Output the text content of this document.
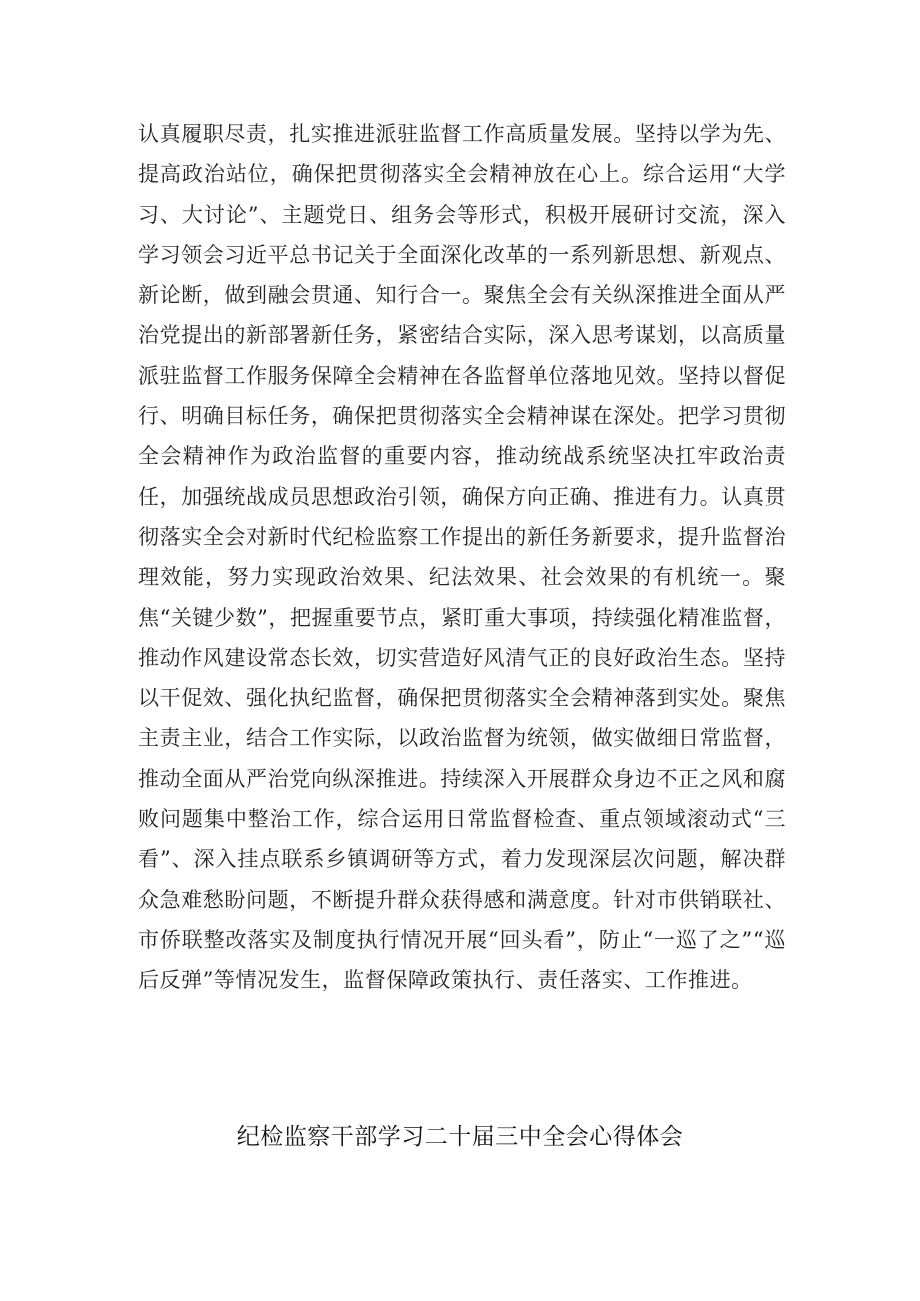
认真履职尽责，扎实推进派驻监督工作高质量发展。坚持以学为先、提高政治站位，确保把贯彻落实全会精神放在心上。综合运用“大学习、大讨论”、主题党日、组务会等形式，积极开展研讨交流，深入学习领会习近平总书记关于全面深化改革的一系列新思想、新观点、新论断，做到融会贯通、知行合一。聚焦全会有关纵深推进全面从严治党提出的新部署新任务，紧密结合实际，深入思考谋划，以高质量派驻监督工作服务保障全会精神在各监督单位落地见效。坚持以督促行、明确目标任务，确保把贯彻落实全会精神谋在深处。把学习贯彻全会精神作为政治监督的重要内容，推动统战系统坚决扛牢政治责任，加强统战成员思想政治引领，确保方向正确、推进有力。认真贯彻落实全会对新时代纪检监察工作提出的新任务新要求，提升监督治理效能，努力实现政治效果、纪法效果、社会效果的有机统一。聚焦“关键少数”，把握重要节点，紧盯重大事项，持续强化精准监督，推动作风建设常态长效，切实营造好风清气正的良好政治生态。坚持以干促效、强化执纪监督，确保把贯彻落实全会精神落到实处。聚焦主责主业，结合工作实际，以政治监督为统领，做实做细日常监督，推动全面从严治党向纵深推进。持续深入开展群众身边不正之风和腐败问题集中整治工作，综合运用日常监督检查、重点领域滚动式“三看”、深入挂点联系乡镇调研等方式，着力发现深层次问题，解决群众急难愁盼问题，不断提升群众获得感和满意度。针对市供销联社、市侨联整改落实及制度执行情况开展“回头看”，防止“一巡了之”“巡后反弹”等情况发生，监督保障政策执行、责任落实、工作推进。

纪检监察干部学习二十届三中全会心得体会
